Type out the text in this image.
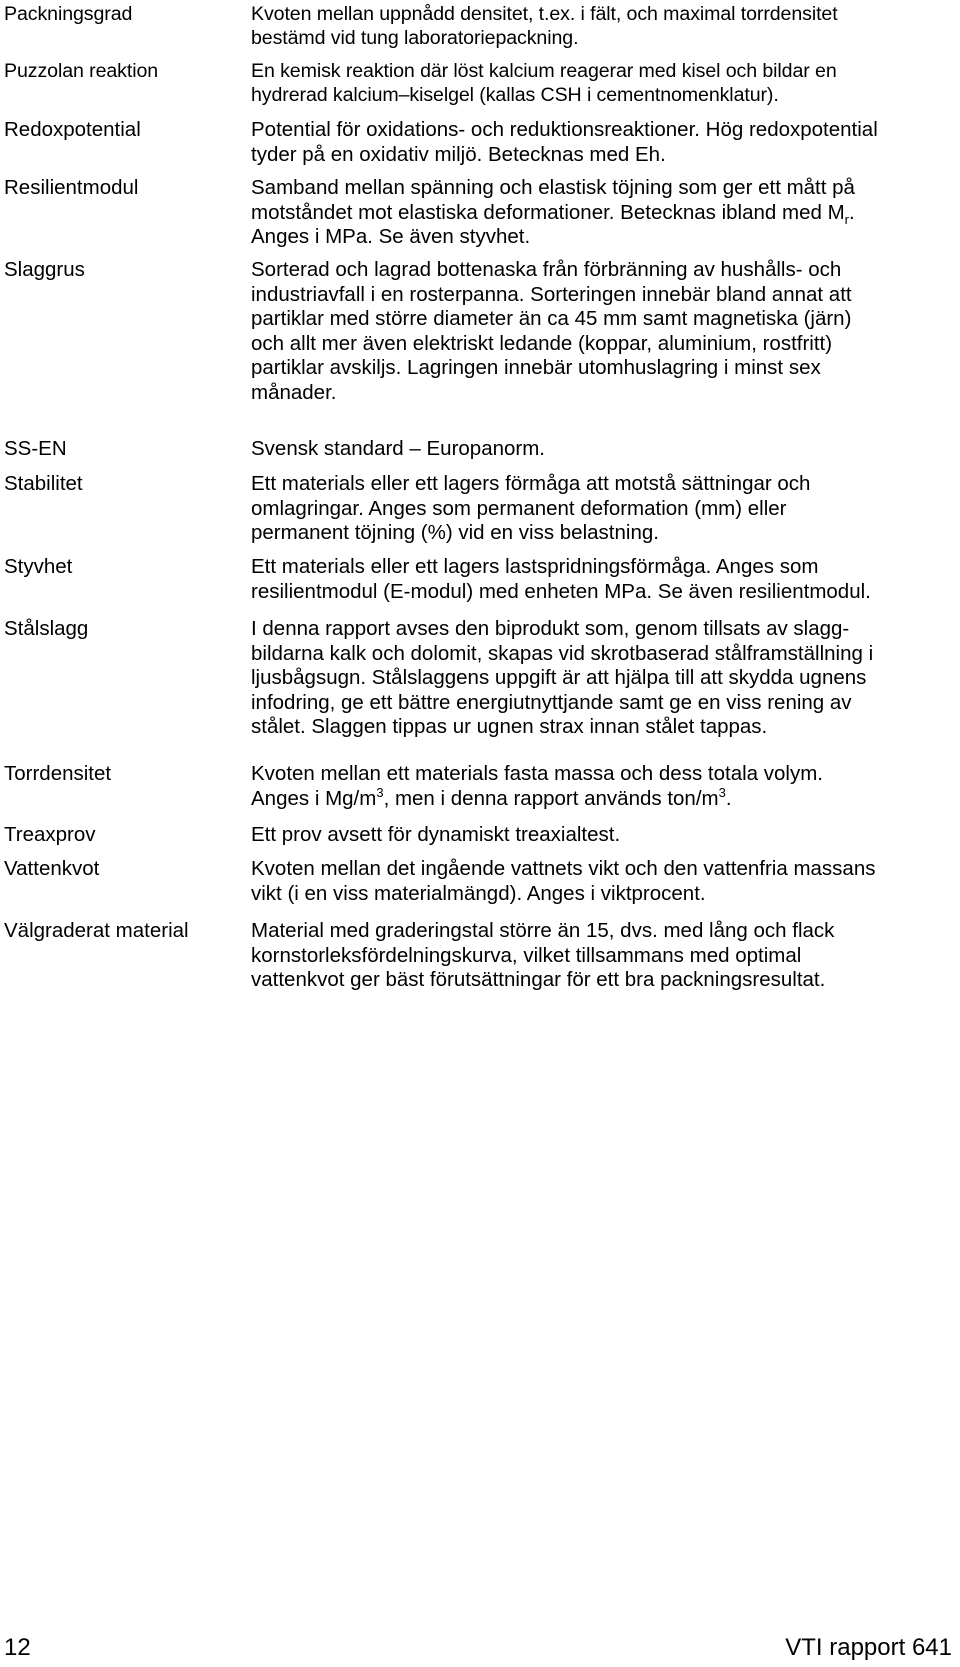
Packningsgrad	Kvoten mellan uppnådd densitet, t.ex. i fält, och maximal torrdensitet
bestämd vid tung laboratoriepackning.
Puzzolan reaktion	En kemisk reaktion där löst kalcium reagerar med kisel och bildar en
hydrerad kalcium–kiselgel (kallas CSH i cementnomenklatur).
Redoxpotential	Potential för oxidations- och reduktionsreaktioner. Hög redoxpotential
tyder på en oxidativ miljö. Betecknas med Eh.
Resilientmodul	Samband mellan spänning och elastisk töjning som ger ett mått på
motståndet mot elastiska deformationer. Betecknas ibland med $M_r$.
Anges i MPa. Se även styvhet.
Slaggrus	Sorterad och lagrad bottenaska från förbränning av hushålls- och
industriavfall i en rosterpanna. Sorteringen innebär bland annat att
partiklar med större diameter än ca 45 mm samt magnetiska (järn)
och allt mer även elektriskt ledande (koppar, aluminium, rostfritt)
partiklar avskiljs. Lagringen innebär utomhuslagring i minst sex
månader.
SS-EN	Svensk standard – Europanorm.
Stabilitet	Ett materials eller ett lagers förmåga att motstå sättningar och
omlagringar. Anges som permanent deformation (mm) eller
permanent töjning (%) vid en viss belastning.
Styvhet	Ett materials eller ett lagers lastspridningsförmåga. Anges som
resilientmodul (E-modul) med enheten MPa. Se även resilientmodul.
Stålslagg	I denna rapport avses den biprodukt som, genom tillsats av slagg-
bildarna kalk och dolomit, skapas vid skrotbaserad stålframställning i
ljusbågsugn. Stålslaggens uppgift är att hjälpa till att skydda ugnens
infodring, ge ett bättre energiutnyttjande samt ge en viss rening av
stålet. Slaggen tippas ur ugnen strax innan stålet tappas.
Torrdensitet	Kvoten mellan ett materials fasta massa och dess totala volym.
Anges i $Mg/m^3$, men i denna rapport används ton/$m^3$.
Treaxprov	Ett prov avsett för dynamiskt treaxialtest.
Vattenkvot	Kvoten mellan det ingående vattnets vikt och den vattenfria massans
vikt (i en viss materialmängd). Anges i viktprocent.
Välgraderat material	Material med graderingstal större än 15, dvs. med lång och flack
kornstorleksfördelningskurva, vilket tillsammans med optimal
vattenkvot ger bäst förutsättningar för ett bra packningsresultat.
12	VTI rapport 641
